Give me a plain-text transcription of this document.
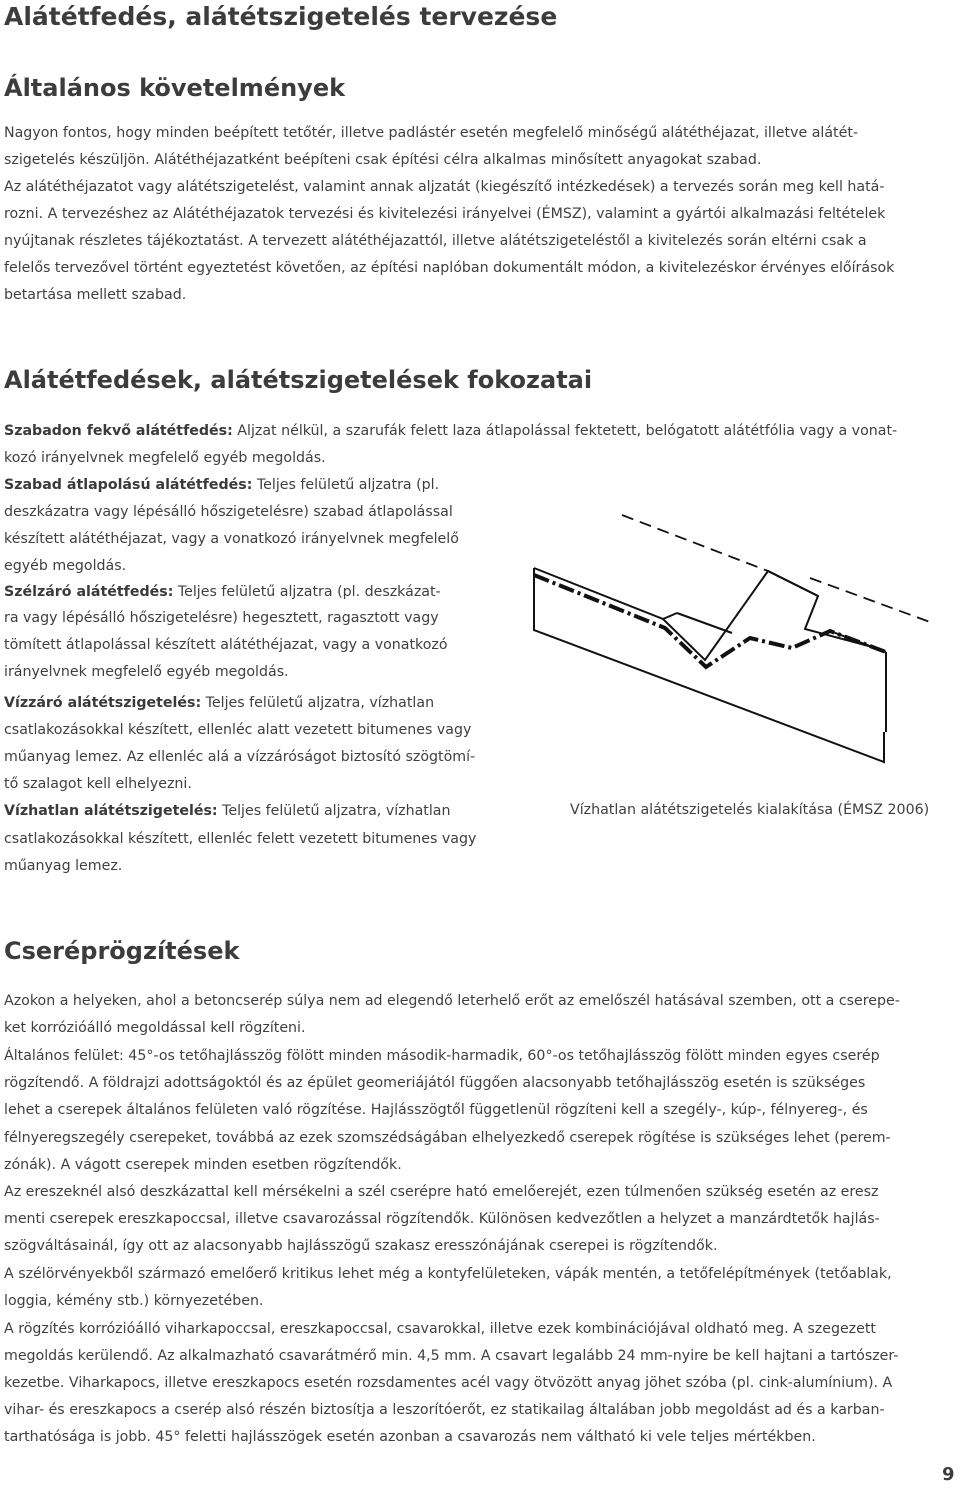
Alátétfedés, alátétszigetelés tervezése
Általános követelmények
Nagyon fontos, hogy minden beépített tetőtér, illetve padlástér esetén megfelelő minőségű alátéthéjazat, illetve alátét-
szigetelés készüljön. Alátéthéjazatként beépíteni csak építési célra alkalmas minősített anyagokat szabad.
Az alátéthéjazatot vagy alátétszigetelést, valamint annak aljzatát (kiegészítő intézkedések) a tervezés során meg kell hatá-
rozni. A tervezéshez az Alátéthéjazatok tervezési és kivitelezési irányelvei (ÉMSZ), valamint a gyártói alkalmazási feltételek
nyújtanak részletes tájékoztatást. A tervezett alátéthéjazattól, illetve alátétszigeteléstől a kivitelezés során eltérni csak a
felelős tervezővel történt egyeztetést követően, az építési naplóban dokumentált módon, a kivitelezéskor érvényes előírások
betartása mellett szabad.
Alátétfedések, alátétszigetelések fokozatai
Szabadon fekvő alátétfedés: Aljzat nélkül, a szarufák felett laza átlapolással fektetett, belógatott alátétfólia vagy a vonat-
kozó irányelvnek megfelelő egyéb megoldás.
Szabad átlapolású alátétfedés: Teljes felületű aljzatra (pl.
deszkázatra vagy lépésálló hőszigetelésre) szabad átlapolással
készített alátéthéjazat, vagy a vonatkozó irányelvnek megfelelő
egyéb megoldás.
Szélzáró alátétfedés: Teljes felületű aljzatra (pl. deszkázat-
ra vagy lépésálló hőszigetelésre) hegesztett, ragasztott vagy
tömített átlapolással készített alátéthéjazat, vagy a vonatkozó
irányelvnek megfelelő egyéb megoldás.
Vízzáró alátétszigetelés: Teljes felületű aljzatra, vízhatlan
csatlakozásokkal készített, ellenléc alatt vezetett bitumenes vagy
műanyag lemez. Az ellenléc alá a vízzáróságot biztosító szögtömí-
tő szalagot kell elhelyezni.
Vízhatlan alátétszigetelés: Teljes felületű aljzatra, vízhatlan
csatlakozásokkal készített, ellenléc felett vezetett bitumenes vagy
műanyag lemez.
Vízhatlan alátétszigetelés kialakítása (ÉMSZ 2006)
Cseréprögzítések
Azokon a helyeken, ahol a betoncserép súlya nem ad elegendő leterhelő erőt az emelőszél hatásával szemben, ott a cserepe-
ket korrózióálló megoldással kell rögzíteni.
Általános felület: 45°-os tetőhajlásszög fölött minden második-harmadik, 60°-os tetőhajlásszög fölött minden egyes cserép
rögzítendő. A földrajzi adottságoktól és az épület geomeriájától függően alacsonyabb tetőhajlásszög esetén is szükséges
lehet a cserepek általános felületen való rögzítése. Hajlásszögtől függetlenül rögzíteni kell a szegély-, kúp-, félnyereg-, és
félnyeregszegély cserepeket, továbbá az ezek szomszédságában elhelyezkedő cserepek rögítése is szükséges lehet (perem-
zónák). A vágott cserepek minden esetben rögzítendők.
Az ereszeknél alsó deszkázattal kell mérsékelni a szél cserépre ható emelőerejét, ezen túlmenően szükség esetén az eresz
menti cserepek ereszkapoccsal, illetve csavarozással rögzítendők. Különösen kedvezőtlen a helyzet a manzárdtetők hajlás-
szögváltásainál, így ott az alacsonyabb hajlásszögű szakasz eresszónájának cserepei is rögzítendők.
A szélörvényekből származó emelőerő kritikus lehet még a kontyfelületeken, vápák mentén, a tetőfelépítmények (tetőablak,
loggia, kémény stb.) környezetében.
A rögzítés korrózióálló viharkapoccsal, ereszkapoccsal, csavarokkal, illetve ezek kombinációjával oldható meg. A szegezett
megoldás kerülendő. Az alkalmazható csavarátmérő min. 4,5 mm. A csavart legalább 24 mm-nyire be kell hajtani a tartószer-
kezetbe. Viharkapocs, illetve ereszkapocs esetén rozsdamentes acél vagy ötvözött anyag jöhet szóba (pl. cink-alumínium). A
vihar- és ereszkapocs a cserép alsó részén biztosítja a leszorítóerőt, ez statikailag általában jobb megoldást ad és a karban-
tarthatósága is jobb. 45° feletti hajlásszögek esetén azonban a csavarozás nem váltható ki vele teljes mértékben.
9
